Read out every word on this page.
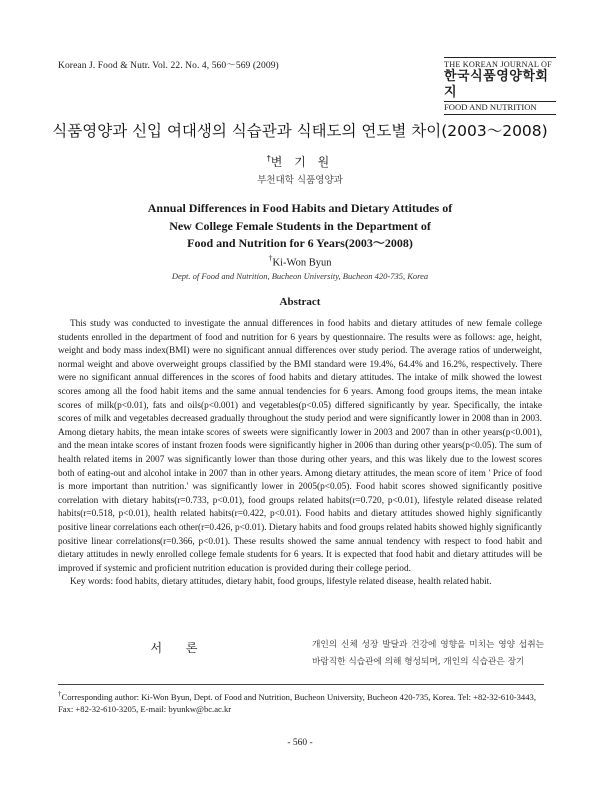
Korean J. Food & Nutr. Vol. 22. No. 4, 560～569 (2009)	THE KOREAN JOURNAL OF
한국식품영양학회지
FOOD AND NUTRITION
식품영양과 신입 여대생의 식습관과 식태도의 연도별 차이(2003～2008)
†변 기 원
부천대학 식품영양과
Annual Differences in Food Habits and Dietary Attitudes of
New College Female Students in the Department of
Food and Nutrition for 6 Years(2003～2008)
†Ki-Won Byun
Dept. of Food and Nutrition, Bucheon University, Bucheon 420-735, Korea
Abstract

This study was conducted to investigate the annual differences in food habits and dietary attitudes of new female college students enrolled in the department of food and nutrition for 6 years by questionnaire. The results were as follows: age, height, weight and body mass index(BMI) were no significant annual differences over study period. The average ratios of underweight, normal weight and above overweight groups classified by the BMI standard were 19.4%, 64.4% and 16.2%, respectively. There were no significant annual differences in the scores of food habits and dietary attitudes. The intake of milk showed the lowest scores among all the food habit items and the same annual tendencies for 6 years. Among food groups items, the mean intake scores of milk(p<0.01), fats and oils(p<0.001) and vegetables(p<0.05) differed significantly by year. Specifically, the intake scores of milk and vegetables decreased gradually throughout the study period and were significantly lower in 2008 than in 2003. Among dietary habits, the mean intake scores of sweets were significantly lower in 2003 and 2007 than in other years(p<0.001), and the mean intake scores of instant frozen foods were significantly higher in 2006 than during other years(p<0.05). The sum of health related items in 2007 was significantly lower than those during other years, and this was likely due to the lowest scores both of eating-out and alcohol intake in 2007 than in other years. Among dietary attitudes, the mean score of item ' Price of food is more important than nutrition.' was significantly lower in 2005(p<0.05). Food habit scores showed significantly positive correlation with dietary habits(r=0.733, p<0.01), food groups related habits(r=0.720, p<0.01), lifestyle related disease related habits(r=0.518, p<0.01), health related habits(r=0.422, p<0.01). Food habits and dietary attitudes showed highly significantly positive linear correlations each other(r=0.426, p<0.01). Dietary habits and food groups related habits showed highly significantly positive linear correlations(r=0.366, p<0.01). These results showed the same annual tendency with respect to food habit and dietary attitudes in newly enrolled college female students for 6 years. It is expected that food habit and dietary attitudes will be improved if systemic and proficient nutrition education is provided during their college period.

Key words: food habits, dietary attitudes, dietary habit, food groups, lifestyle related disease, health related habit.

서 론	개인의 신체 성장 발달과 건강에 영향을 미치는 영양 섭취는 바람직한 식습관에 의해 형성되며, 개인의 식습관은 장기
†Corresponding author: Ki-Won Byun, Dept. of Food and Nutrition, Bucheon University, Bucheon 420-735, Korea. Tel: +82-32-610-3443, Fax: +82-32-610-3205, E-mail: byunkw@bc.ac.kr
- 560 -
